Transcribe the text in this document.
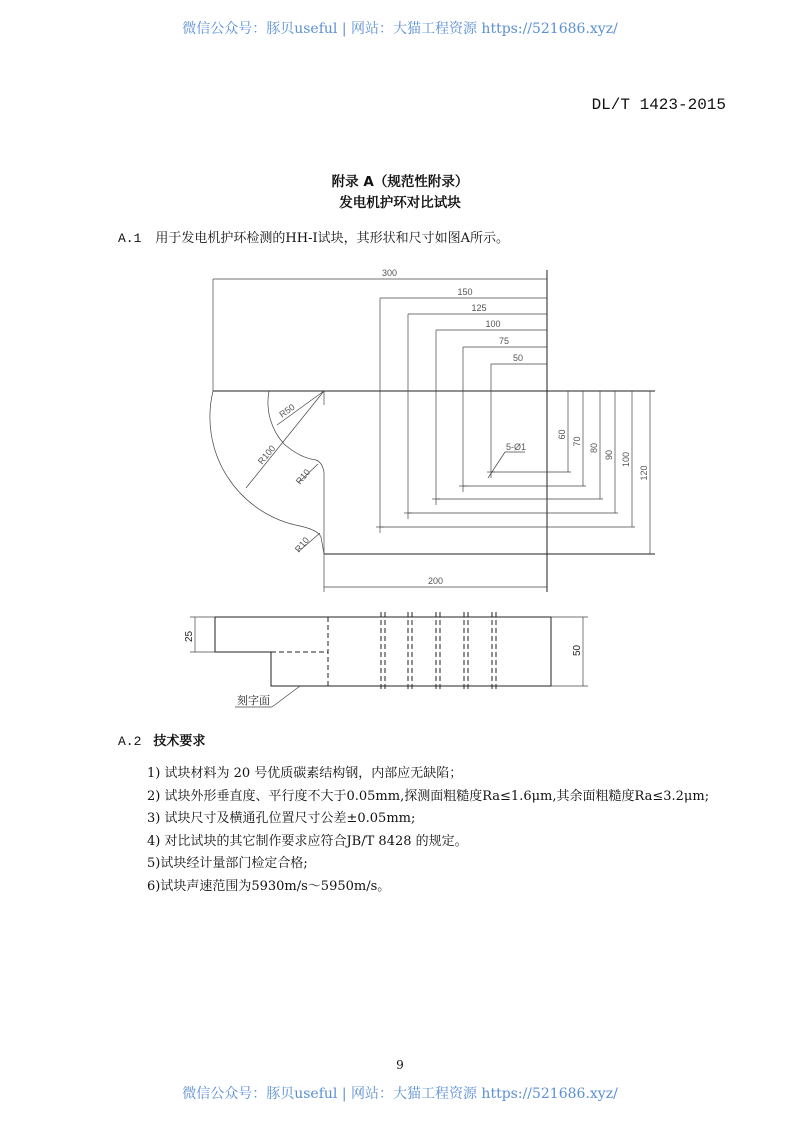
微信公众号：豚贝useful | 网站：大猫工程资源 https://521686.xyz/
DL/T 1423-2015
附录 A（规范性附录）
发电机护环对比试块
A.1 用于发电机护环检测的HH-Ⅰ试块，其形状和尺寸如图A所示。
150
125
100
75
50
60
70
80
90 100
120
300
200
5-Ø1
R50
R100
R10
R10
25
50
刻字面
A.2 技术要求
1) 试块材料为 20 号优质碳素结构钢，内部应无缺陷；
2) 试块外形垂直度、平行度不大于0.05mm,探测面粗糙度Ra≤1.6μm,其余面粗糙度Ra≤3.2μm;
3) 试块尺寸及横通孔位置尺寸公差±0.05mm;
4) 对比试块的其它制作要求应符合JB/T 8428 的规定。
5)试块经计量部门检定合格;
6)试块声速范围为5930m/s～5950m/s。
9
微信公众号：豚贝useful | 网站：大猫工程资源 https://521686.xyz/
